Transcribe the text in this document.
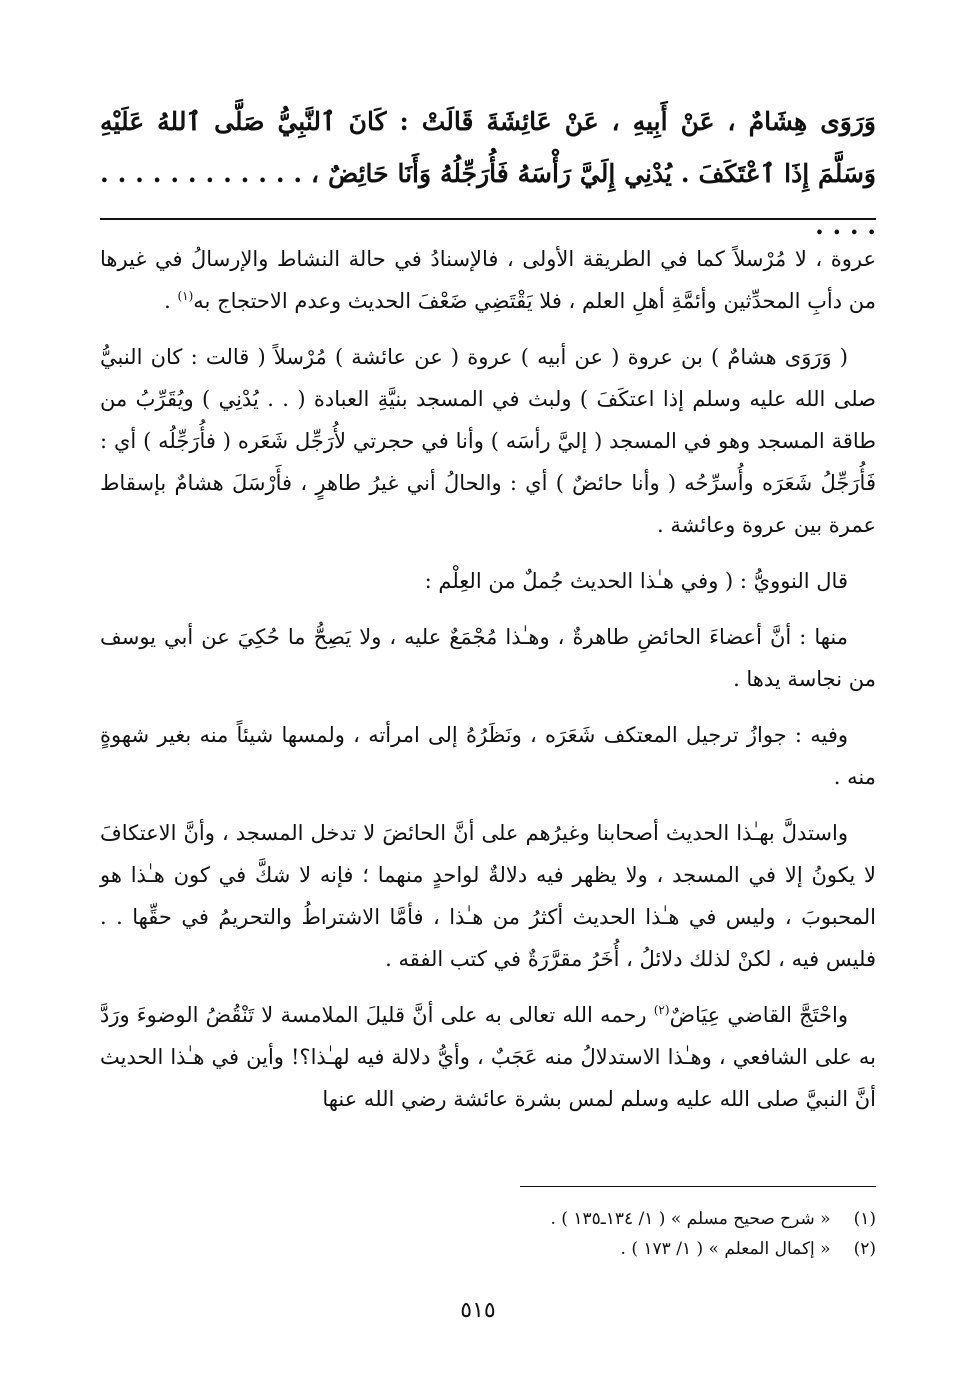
وَرَوَى هِشَامٌ ، عَنْ أَبِيهِ ، عَنْ عَائِشَةَ قَالَتْ : كَانَ ٱلنَّبِيُّ صَلَّى ٱللهُ عَلَيْهِ وَسَلَّمَ إِذَا ٱعْتَكَفَ . يُدْنِي إِلَيَّ رَأْسَهُ فَأُرَجِّلُهُ وَأَنَا حَائِضٌ ، . . . . . . . . . . . . . . . .

عروة ، لا مُرْسلاً كما في الطريقة الأولى ، فالإسنادُ في حالة النشاط والإرسالُ في غيرها من دأبِ المحدِّثين وأئمَّةِ أهلِ العلم ، فلا يَقْتَضِي ضَعْفَ الحديث وعدم الاحتجاج به$^{(١)}$ .

( وَرَوَى هشامٌ ) بن عروة ( عن أبيه ) عروة ( عن عائشة ) مُرْسلاً ( قالت : كان النبيُّ صلى الله عليه وسلم إذا اعتكَفَ ) ولبث في المسجد بنيَّةِ العبادة ( . . يُدْنِي ) ويُقَرِّبُ من طاقة المسجد وهو في المسجد ( إليَّ رأسَه ) وأنا في حجرتي لأُرَجِّل شَعَره ( فأُرَجِّلُه ) أي : فَأُرَجِّلُ شَعَرَه وأُسرِّحُه ( وأنا حائضٌ ) أي : والحالُ أني غيرُ طاهرٍ ، فأَرْسَلَ هشامٌ بإسقاط عمرة بين عروة وعائشة .

قال النوويُّ : ( وفي هـٰذا الحديث جُملٌ من العِلْم :

منها : أنَّ أعضاءَ الحائضِ طاهرةٌ ، وهـٰذا مُجْمَعٌ عليه ، ولا يَصِحُّ ما حُكِيَ عن أبي يوسف من نجاسة يدها .

وفيه : جوازُ ترجيل المعتكف شَعَرَه ، ونَظَرُهُ إلى امرأته ، ولمسها شيئاً منه بغير شهوةٍ منه .

واستدلَّ بهـٰذا الحديث أصحابنا وغيرُهم على أنَّ الحائضَ لا تدخل المسجد ، وأنَّ الاعتكافَ لا يكونُ إلا في المسجد ، ولا يظهر فيه دلالةٌ لواحدٍ منهما ؛ فإنه لا شكَّ في كون هـٰذا هو المحبوبَ ، وليس في هـٰذا الحديث أكثرُ من هـٰذا ، فأمَّا الاشتراطُ والتحريمُ في حقِّها . . فليس فيه ، لكنْ لذلك دلائلُ ، أُخَرُ مقرَّرَةٌ في كتب الفقه .

واحْتَجَّ القاضي عِيَاضٌ$^{(٢)}$ رحمه الله تعالى به على أنَّ قليلَ الملامسة لا تَنْقُضُ الوضوءَ ورَدَّ به على الشافعي ، وهـٰذا الاستدلالُ منه عَجَبٌ ، وأيُّ دلالة فيه لهـٰذا؟! وأين في هـٰذا الحديث أنَّ النبيَّ صلى الله عليه وسلم لمس بشرة عائشة رضي الله عنها

(١) « شرح صحيح مسلم » ( ١/ ١٣٤ـ١٣٥ ) .
(٢) « إكمال المعلم » ( ١/ ١٧٣ ) .
٥١٥
